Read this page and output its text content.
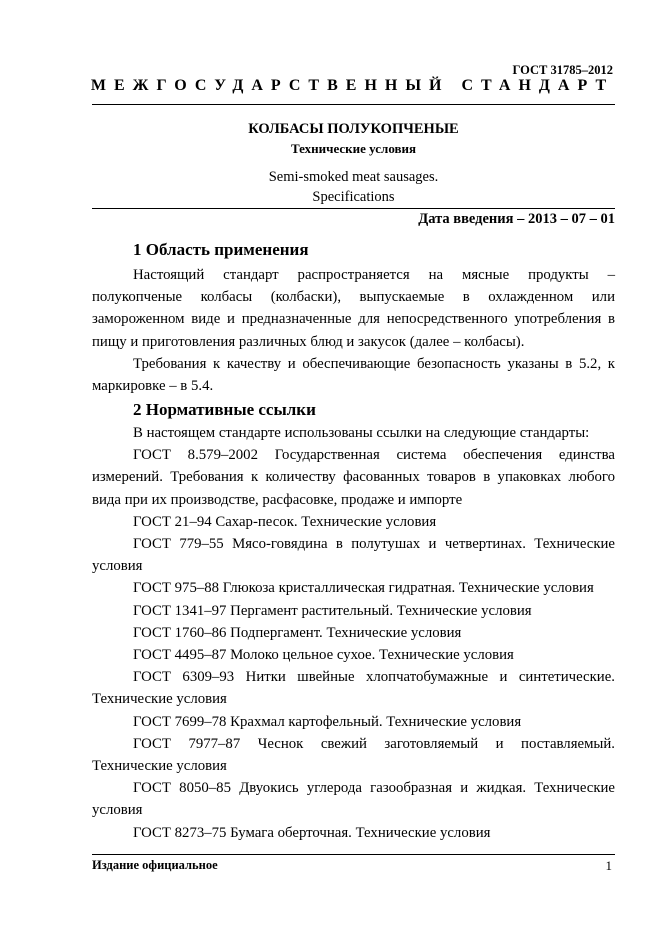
ГОСТ 31785–2012
МЕЖГОСУДАРСТВЕННЫЙ СТАНДАРТ
КОЛБАСЫ ПОЛУКОПЧЕНЫЕ
Технические условия
Semi-smoked meat sausages.
Specifications
Дата введения – 2013 – 07 – 01
1 Область применения

Настоящий стандарт распространяется на мясные продукты – полукопченые колбасы (колбаски), выпускаемые в охлажденном или замороженном виде и предназначенные для непосредственного употребления в пищу и приготовления различных блюд и закусок (далее – колбасы).

Требования к качеству и обеспечивающие безопасность указаны в 5.2, к маркировке – в 5.4.

2 Нормативные ссылки

В настоящем стандарте использованы ссылки на следующие стандарты:

ГОСТ 8.579–2002 Государственная система обеспечения единства измерений. Требования к количеству фасованных товаров в упаковках любого вида при их производстве, расфасовке, продаже и импорте

ГОСТ 21–94 Сахар-песок. Технические условия

ГОСТ 779–55 Мясо-говядина в полутушах и четвертинах. Технические условия

ГОСТ 975–88 Глюкоза кристаллическая гидратная. Технические условия

ГОСТ 1341–97 Пергамент растительный. Технические условия

ГОСТ 1760–86 Подпергамент. Технические условия

ГОСТ 4495–87 Молоко цельное сухое. Технические условия

ГОСТ 6309–93 Нитки швейные хлопчатобумажные и синтетические. Технические условия

ГОСТ 7699–78 Крахмал картофельный. Технические условия

ГОСТ 7977–87 Чеснок свежий заготовляемый и поставляемый. Технические условия

ГОСТ 8050–85 Двуокись углерода газообразная и жидкая. Технические условия

ГОСТ 8273–75 Бумага оберточная. Технические условия

Издание официальное	1
